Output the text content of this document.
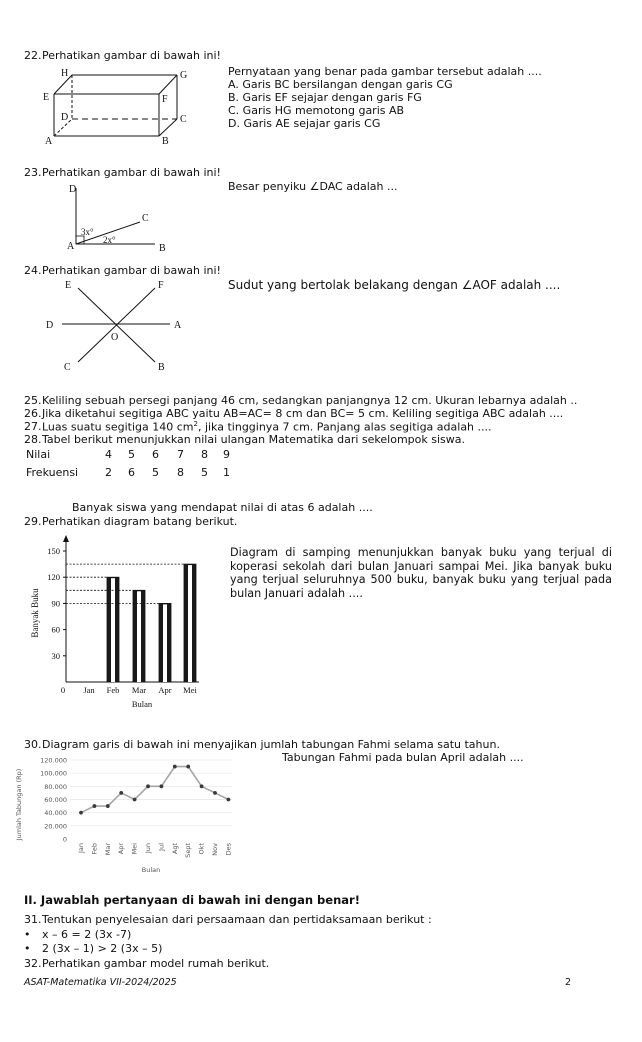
22. Perhatikan gambar di bawah ini!
H	G
E	F
D	C
A	B
Pernyataan yang benar pada gambar tersebut adalah ....
A. Garis BC bersilangan dengan garis CG
B. Garis EF sejajar dengan garis FG
C. Garis HG memotong garis AB
D. Garis AE sejajar garis CG
23. Perhatikan gambar di bawah ini!
D
C
A	B
3x°
2x°
Besar penyiku ∠DAC adalah ...
24. Perhatikan gambar di bawah ini!
E	F
D	A
O
C	B
Sudut yang bertolak belakang dengan ∠AOF adalah ....
25. Keliling sebuah persegi panjang 46 cm, sedangkan panjangnya 12 cm. Ukuran lebarnya adalah ..
26. Jika diketahui segitiga ABC yaitu AB=AC= 8 cm dan BC= 5 cm. Keliling segitiga ABC adalah ....
27. Luas suatu segitiga 140 $cm^2$, jika tingginya 7 cm. Panjang alas segitiga adalah ....
28. Tabel berikut menunjukkan nilai ulangan Matematika dari sekelompok siswa.
Nilai	4 5 6 7 8 9
Frekuensi 2 6 5 8 5 1
Banyak siswa yang mendapat nilai di atas 6 adalah ....
29. Perhatikan diagram batang berikut.
150
120
90
60
30
0 Jan Feb Mar Apr Mei
Bulan
Banyak Buku
Diagram di samping menunjukkan banyak buku yang terjual di koperasi sekolah dari bulan Januari sampai Mei. Jika banyak buku yang terjual seluruhnya 500 buku, banyak buku yang terjual pada bulan Januari adalah ....
30. Diagram garis di bawah ini menyajikan jumlah tabungan Fahmi selama satu tahun.
120.000
100.000
80.000
60.000
40.000
20.000
0
Jan Feb Mar Apr Mei Jun Jul Agt Sept Okt Nov Des
Bulan
Jumlah Tabungan (Rp)
Tabungan Fahmi pada bulan April adalah ....
II. Jawablah pertanyaan di bawah ini dengan benar!
31. Tentukan penyelesaian dari persaamaan dan pertidaksamaan berikut :
• x – 6 = 2 (3x -7)
• 2 (3x – 1) > 2 (3x – 5)
32. Perhatikan gambar model rumah berikut.
ASAT-Matematika VII-2024/2025	2
